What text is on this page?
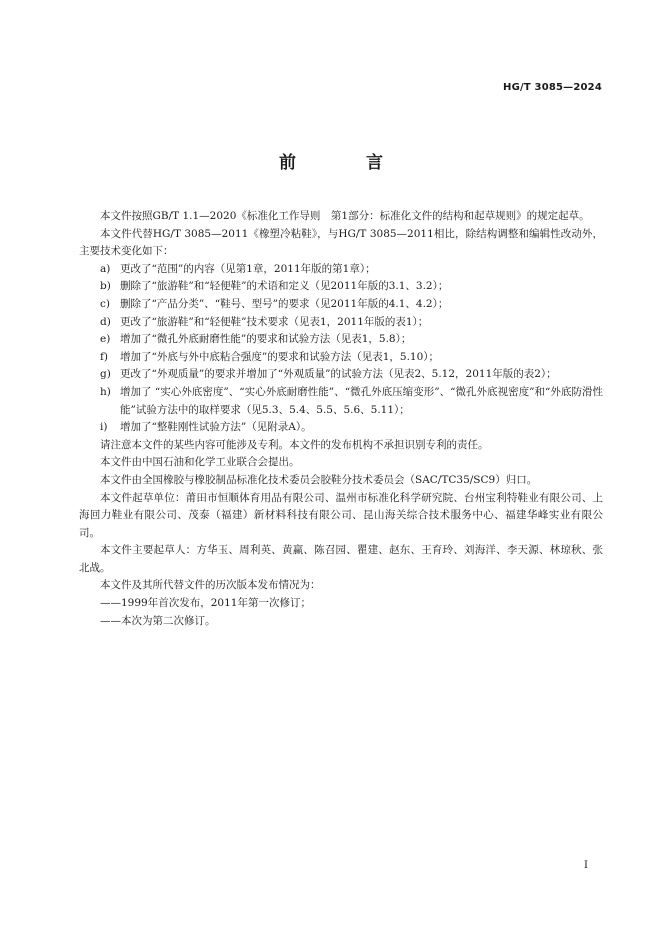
HG/T 3085—2024
前 言

本文件按照GB/T 1.1—2020《标准化工作导则　第1部分：标准化文件的结构和起草规则》的规定起草。

本文件代替HG/T 3085—2011《橡塑冷粘鞋》，与HG/T 3085—2011相比，除结构调整和编辑性改动外，主要技术变化如下：

a) 更改了“范围”的内容（见第1章，2011年版的第1章）；
b) 删除了“旅游鞋”和“轻便鞋”的术语和定义（见2011年版的3.1、3.2）；
c) 删除了“产品分类”、“鞋号、型号”的要求（见2011年版的4.1、4.2）；
d) 更改了“旅游鞋”和“轻便鞋”技术要求（见表1，2011年版的表1）；
e) 增加了“微孔外底耐磨性能”的要求和试验方法（见表1，5.8）；
f)	增加了“外底与外中底粘合强度”的要求和试验方法（见表1，5.10）；
g) 更改了“外观质量”的要求并增加了“外观质量”的试验方法（见表2、5.12，2011年版的表2）；
h) 增加了 “实心外底密度”、“实心外底耐磨性能”、“微孔外底压缩变形”、“微孔外底视密度”和“外底防滑性能”试验方法中的取样要求（见5.3、5.4、5.5、5.6、5.11）；
i)	增加了“整鞋刚性试验方法”（见附录A）。

请注意本文件的某些内容可能涉及专利。本文件的发布机构不承担识别专利的责任。

本文件由中国石油和化学工业联合会提出。

本文件由全国橡胶与橡胶制品标准化技术委员会胶鞋分技术委员会（SAC/TC35/SC9）归口。

本文件起草单位：莆田市恒顺体育用品有限公司、温州市标准化科学研究院、台州宝利特鞋业有限公司、上海回力鞋业有限公司、茂泰（福建）新材料科技有限公司、昆山海关综合技术服务中心、福建华峰实业有限公司。

本文件主要起草人：方华玉、周利英、黄赢、陈召园、瞿建、赵东、王育玲、刘海洋、李天源、林琼秋、张北战。

本文件及其所代替文件的历次版本发布情况为：

——1999年首次发布，2011年第一次修订；
——本次为第二次修订。
I
